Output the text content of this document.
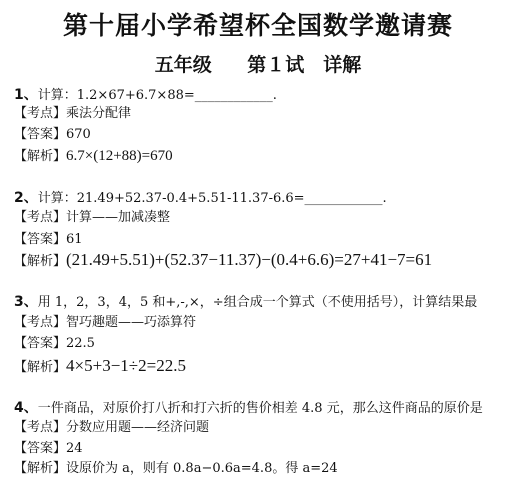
第十届小学希望杯全国数学邀请赛
五年级　 第１试　详解
1、计算：1.2×67+6.7×88=____________.
【考点】乘法分配律
【答案】670
【解析】6.7×(12+88)=670
2、计算：21.49+52.37-0.4+5.51-11.37-6.6=____________.
【考点】计算——加减凑整
【答案】61
【解析】(21.49+5.51)+(52.37−11.37)−(0.4+6.6)=27+41−7=61
3、用 1，2，3，4，5 和+,-,×，÷组合成一个算式（不使用括号），计算结果最
【考点】智巧趣题——巧添算符
【答案】22.5
【解析】4×5+3−1÷2=22.5
4、一件商品，对原价打八折和打六折的售价相差 4.8 元，那么这件商品的原价是
【考点】分数应用题——经济问题
【答案】24
【解析】设原价为 a，则有 0.8a−0.6a=4.8。得 a=24
